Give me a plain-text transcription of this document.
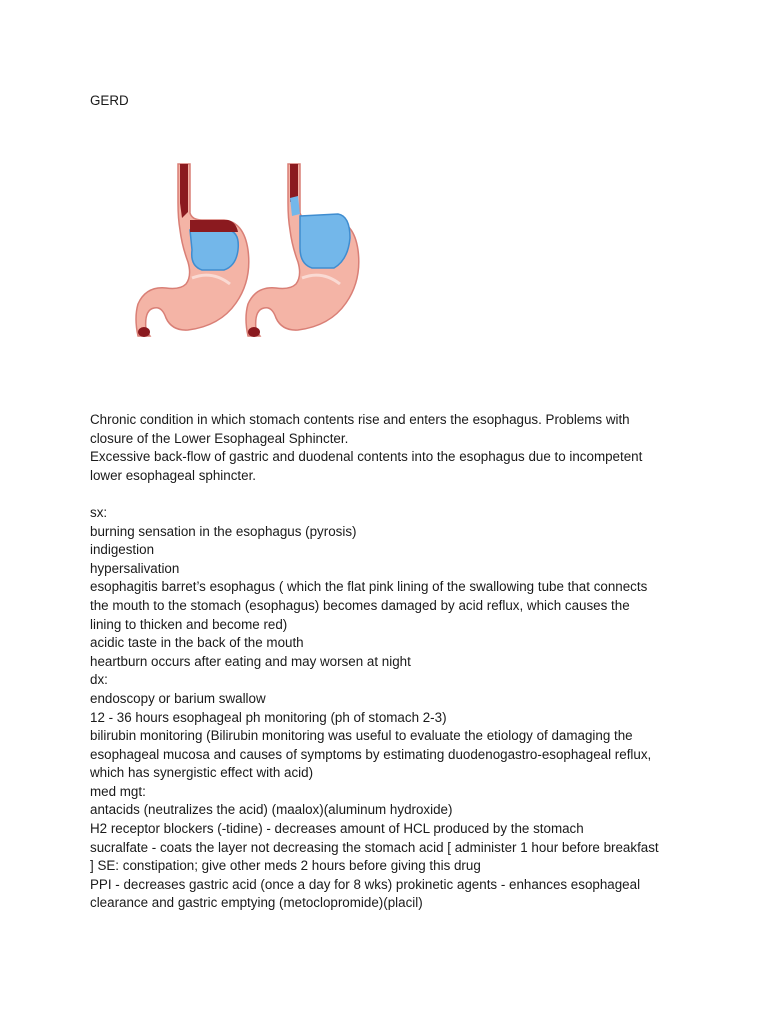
GERD
Chronic condition in which stomach contents rise and enters the esophagus. Problems with
closure of the Lower Esophageal Sphincter.
Excessive back-flow of gastric and duodenal contents into the esophagus due to incompetent
lower esophageal sphincter.
sx:
burning sensation in the esophagus (pyrosis)
indigestion
hypersalivation
esophagitis barret’s esophagus ( which the flat pink lining of the swallowing tube that connects
the mouth to the stomach (esophagus) becomes damaged by acid reflux, which causes the
lining to thicken and become red)
acidic taste in the back of the mouth
heartburn occurs after eating and may worsen at night
dx:
endoscopy or barium swallow
12 - 36 hours esophageal ph monitoring (ph of stomach 2-3)
bilirubin monitoring (Bilirubin monitoring was useful to evaluate the etiology of damaging the
esophageal mucosa and causes of symptoms by estimating duodenogastro-esophageal reflux,
which has synergistic effect with acid)
med mgt:
antacids (neutralizes the acid) (maalox)(aluminum hydroxide)
H2 receptor blockers (-tidine) - decreases amount of HCL produced by the stomach
sucralfate - coats the layer not decreasing the stomach acid [ administer 1 hour before breakfast
] SE: constipation; give other meds 2 hours before giving this drug
PPI - decreases gastric acid (once a day for 8 wks) prokinetic agents - enhances esophageal
clearance and gastric emptying (metoclopromide)(placil)
